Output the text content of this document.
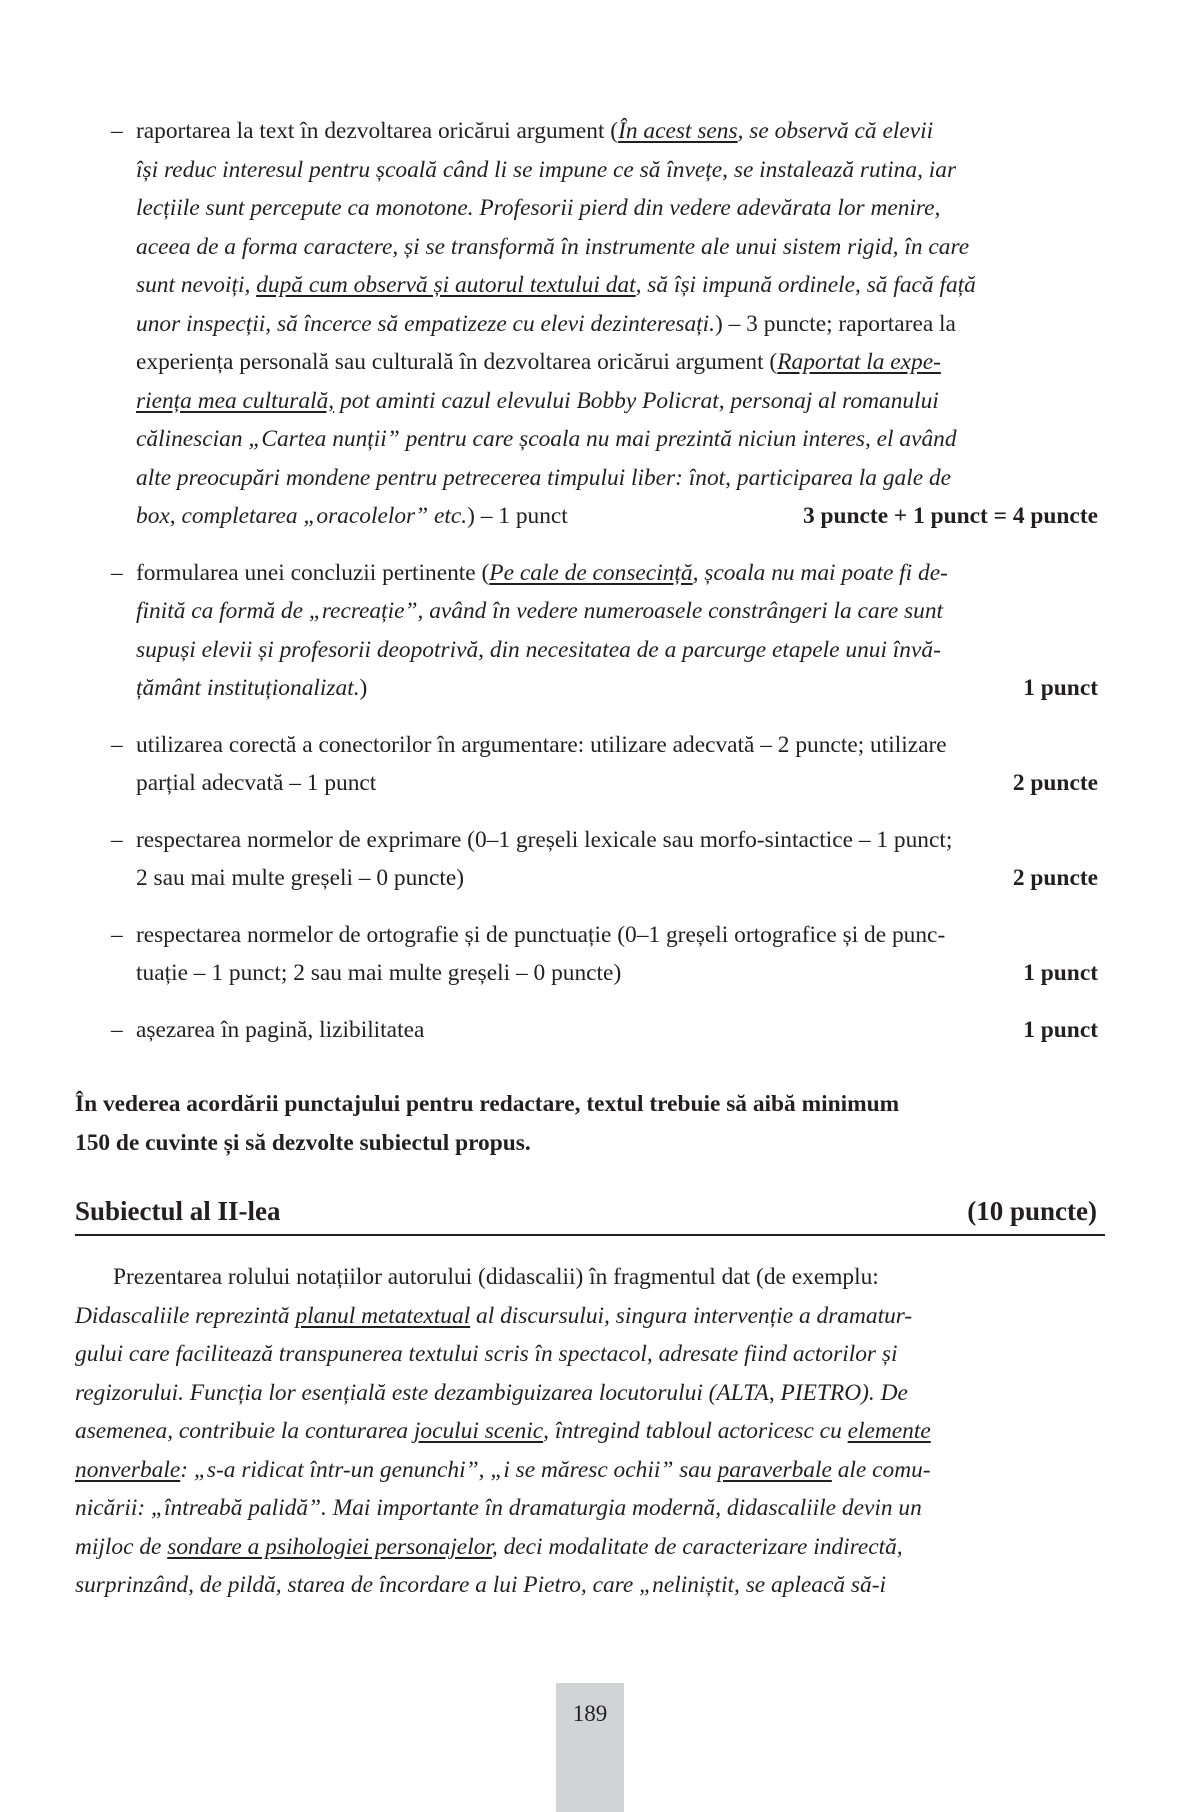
– raportarea la text în dezvoltarea oricărui argument (În acest sens, se observă că elevii
își reduc interesul pentru școală când li se impune ce să învețe, se instalează rutina, iar
lecțiile sunt percepute ca monotone. Profesorii pierd din vedere adevărata lor menire,
aceea de a forma caractere, și se transformă în instrumente ale unui sistem rigid, în care
sunt nevoiți, după cum observă și autorul textului dat, să își impună ordinele, să facă față
unor inspecții, să încerce să empatizeze cu elevi dezinteresați.) – 3 puncte; raportarea la
experiența personală sau culturală în dezvoltarea oricărui argument (Raportat la expe-
riența mea culturală, pot aminti cazul elevului Bobby Policrat, personaj al romanului
călinescian „Cartea nunții” pentru care școala nu mai prezintă niciun interes, el având
alte preocupări mondene pentru petrecerea timpului liber: înot, participarea la gale de
box, completarea „oracolelor” etc.) – 1 punct	3 puncte + 1 punct = 4 puncte
– formularea unei concluzii pertinente (Pe cale de consecință, școala nu mai poate fi de-
finită ca formă de „recreație”, având în vedere numeroasele constrângeri la care sunt
supuși elevii și profesorii deopotrivă, din necesitatea de a parcurge etapele unui învă-
țământ instituționalizat.)	1 punct
– utilizarea corectă a conectorilor în argumentare: utilizare adecvată – 2 puncte; utilizare
parțial adecvată – 1 punct	2 puncte
– respectarea normelor de exprimare (0–1 greșeli lexicale sau morfo-sintactice – 1 punct;
2 sau mai multe greșeli – 0 puncte)	2 puncte
– respectarea normelor de ortografie și de punctuație (0–1 greșeli ortografice și de punc-
tuație – 1 punct; 2 sau mai multe greșeli – 0 puncte)	1 punct
– așezarea în pagină, lizibilitatea	1 punct
În vederea acordării punctajului pentru redactare, textul trebuie să aibă minimum
150 de cuvinte și să dezvolte subiectul propus.
Subiectul al II-lea	(10 puncte)
Prezentarea rolului notațiilor autorului (didascalii) în fragmentul dat (de exemplu:
Didascaliile reprezintă planul metatextual al discursului, singura intervenție a dramatur-
gului care facilitează transpunerea textului scris în spectacol, adresate fiind actorilor și
regizorului. Funcția lor esențială este dezambiguizarea locutorului (ALTA, PIETRO). De
asemenea, contribuie la conturarea jocului scenic, întregind tabloul actoricesc cu elemente
nonverbale: „s-a ridicat într-un genunchi”, „i se măresc ochii” sau paraverbale ale comu-
nicării: „întreabă palidă”. Mai importante în dramaturgia modernă, didascaliile devin un
mijloc de sondare a psihologiei personajelor, deci modalitate de caracterizare indirectă,
surprinzând, de pildă, starea de încordare a lui Pietro, care „neliniștit, se apleacă să-i
189
